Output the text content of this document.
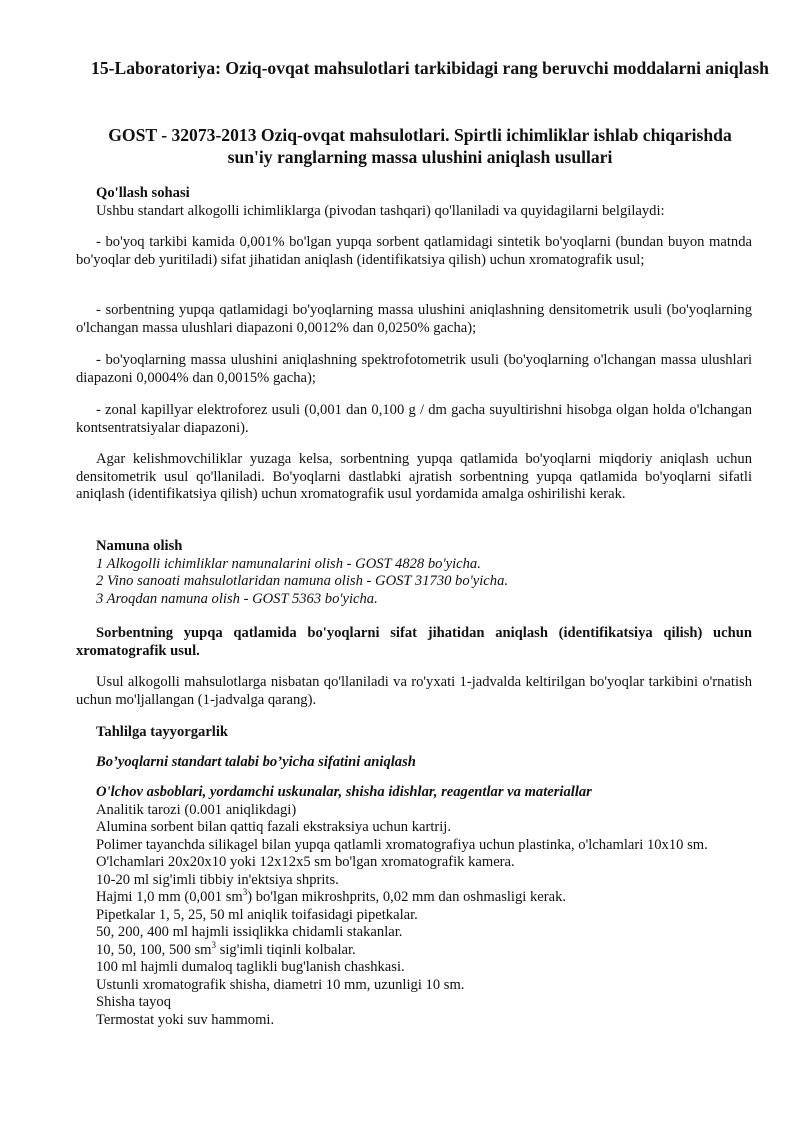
15-Laboratoriya: Oziq-ovqat mahsulotlari tarkibidagi rang beruvchi moddalarni aniqlash
GOST - 32073-2013 Oziq-ovqat mahsulotlari. Spirtli ichimliklar ishlab chiqarishda sun'iy ranglarning massa ulushini aniqlash usullari

Qo'llash sohasi

Ushbu standart alkogolli ichimliklarga (pivodan tashqari) qo'llaniladi va quyidagilarni belgilaydi:

- bo'yoq tarkibi kamida 0,001% bo'lgan yupqa sorbent qatlamidagi sintetik bo'yoqlarni (bundan buyon matnda bo'yoqlar deb yuritiladi) sifat jihatidan aniqlash (identifikatsiya qilish) uchun xromatografik usul;

- sorbentning yupqa qatlamidagi bo'yoqlarning massa ulushini aniqlashning densitometrik usuli (bo'yoqlarning o'lchangan massa ulushlari diapazoni 0,0012% dan 0,0250% gacha);

- bo'yoqlarning massa ulushini aniqlashning spektrofotometrik usuli (bo'yoqlarning o'lchangan massa ulushlari diapazoni 0,0004% dan 0,0015% gacha);

- zonal kapillyar elektroforez usuli (0,001 dan 0,100 g / dm gacha suyultirishni hisobga olgan holda o'lchangan kontsentratsiyalar diapazoni).

Agar kelishmovchiliklar yuzaga kelsa, sorbentning yupqa qatlamida bo'yoqlarni miqdoriy aniqlash uchun densitometrik usul qo'llaniladi. Bo'yoqlarni dastlabki ajratish sorbentning yupqa qatlamida bo'yoqlarni sifatli aniqlash (identifikatsiya qilish) uchun xromatografik usul yordamida amalga oshirilishi kerak.

Namuna olish

1 Alkogolli ichimliklar namunalarini olish - GOST 4828 bo'yicha.

2 Vino sanoati mahsulotlaridan namuna olish - GOST 31730 bo'yicha.

3 Aroqdan namuna olish - GOST 5363 bo'yicha.

Sorbentning yupqa qatlamida bo'yoqlarni sifat jihatidan aniqlash (identifikatsiya qilish) uchun xromatografik usul.

Usul alkogolli mahsulotlarga nisbatan qo'llaniladi va ro'yxati 1-jadvalda keltirilgan bo'yoqlar tarkibini o'rnatish uchun mo'ljallangan (1-jadvalga qarang).

Tahlilga tayyorgarlik

Bo’yoqlarni standart talabi bo’yicha sifatini aniqlash

O'lchov asboblari, yordamchi uskunalar, shisha idishlar, reagentlar va materiallar

Analitik tarozi (0.001 aniqlikdagi)

Alumina sorbent bilan qattiq fazali ekstraksiya uchun kartrij.

Polimer tayanchda silikagel bilan yupqa qatlamli xromatografiya uchun plastinka, o'lchamlari 10x10 sm.

O'lchamlari 20x20x10 yoki 12x12x5 sm bo'lgan xromatografik kamera.

10-20 ml sig'imli tibbiy in'ektsiya shprits.

Hajmi 1,0 mm (0,001 $sm^3$) bo'lgan mikroshprits, 0,02 mm dan oshmasligi kerak.

Pipetkalar 1, 5, 25, 50 ml aniqlik toifasidagi pipetkalar.

50, 200, 400 ml hajmli issiqlikka chidamli stakanlar.

10, 50, 100, 500 $sm^3$ sig'imli tiqinli kolbalar.

100 ml hajmli dumaloq taglikli bug'lanish chashkasi.

Ustunli xromatografik shisha, diametri 10 mm, uzunligi 10 sm.

Shisha tayoq

Termostat yoki suv hammomi.
